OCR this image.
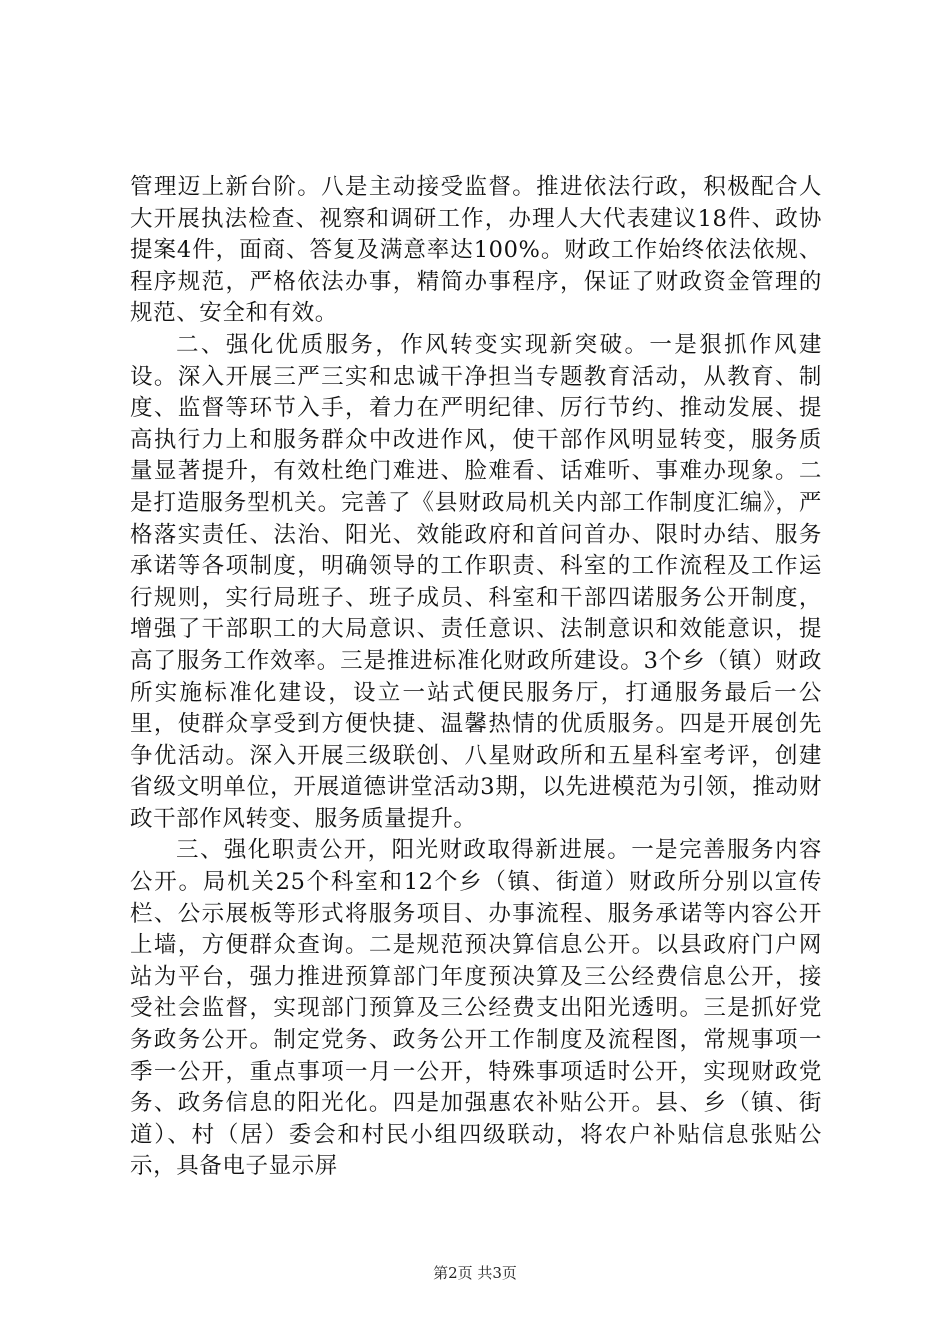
管理迈上新台阶。八是主动接受监督。推进依法行政，积极配合人大开展执法检查、视察和调研工作，办理人大代表建议18件、政协提案4件，面商、答复及满意率达100%。财政工作始终依法依规、程序规范，严格依法办事，精简办事程序，保证了财政资金管理的规范、安全和有效。

二、强化优质服务，作风转变实现新突破。一是狠抓作风建设。深入开展三严三实和忠诚干净担当专题教育活动，从教育、制度、监督等环节入手，着力在严明纪律、厉行节约、推动发展、提高执行力上和服务群众中改进作风，使干部作风明显转变，服务质量显著提升，有效杜绝门难进、脸难看、话难听、事难办现象。二是打造服务型机关。完善了《县财政局机关内部工作制度汇编》，严格落实责任、法治、阳光、效能政府和首问首办、限时办结、服务承诺等各项制度，明确领导的工作职责、科室的工作流程及工作运行规则，实行局班子、班子成员、科室和干部四诺服务公开制度，增强了干部职工的大局意识、责任意识、法制意识和效能意识，提高了服务工作效率。三是推进标准化财政所建设。3个乡（镇）财政所实施标准化建设，设立一站式便民服务厅，打通服务最后一公里，使群众享受到方便快捷、温馨热情的优质服务。四是开展创先争优活动。深入开展三级联创、八星财政所和五星科室考评，创建省级文明单位，开展道德讲堂活动3期，以先进模范为引领，推动财政干部作风转变、服务质量提升。

三、强化职责公开，阳光财政取得新进展。一是完善服务内容公开。局机关25个科室和12个乡（镇、街道）财政所分别以宣传栏、公示展板等形式将服务项目、办事流程、服务承诺等内容公开上墙，方便群众查询。二是规范预决算信息公开。以县政府门户网站为平台，强力推进预算部门年度预决算及三公经费信息公开，接受社会监督，实现部门预算及三公经费支出阳光透明。三是抓好党务政务公开。制定党务、政务公开工作制度及流程图，常规事项一季一公开，重点事项一月一公开，特殊事项适时公开，实现财政党务、政务信息的阳光化。四是加强惠农补贴公开。县、乡（镇、街道）、村（居）委会和村民小组四级联动，将农户补贴信息张贴公示，具备电子显示屏

第2页 共3页
